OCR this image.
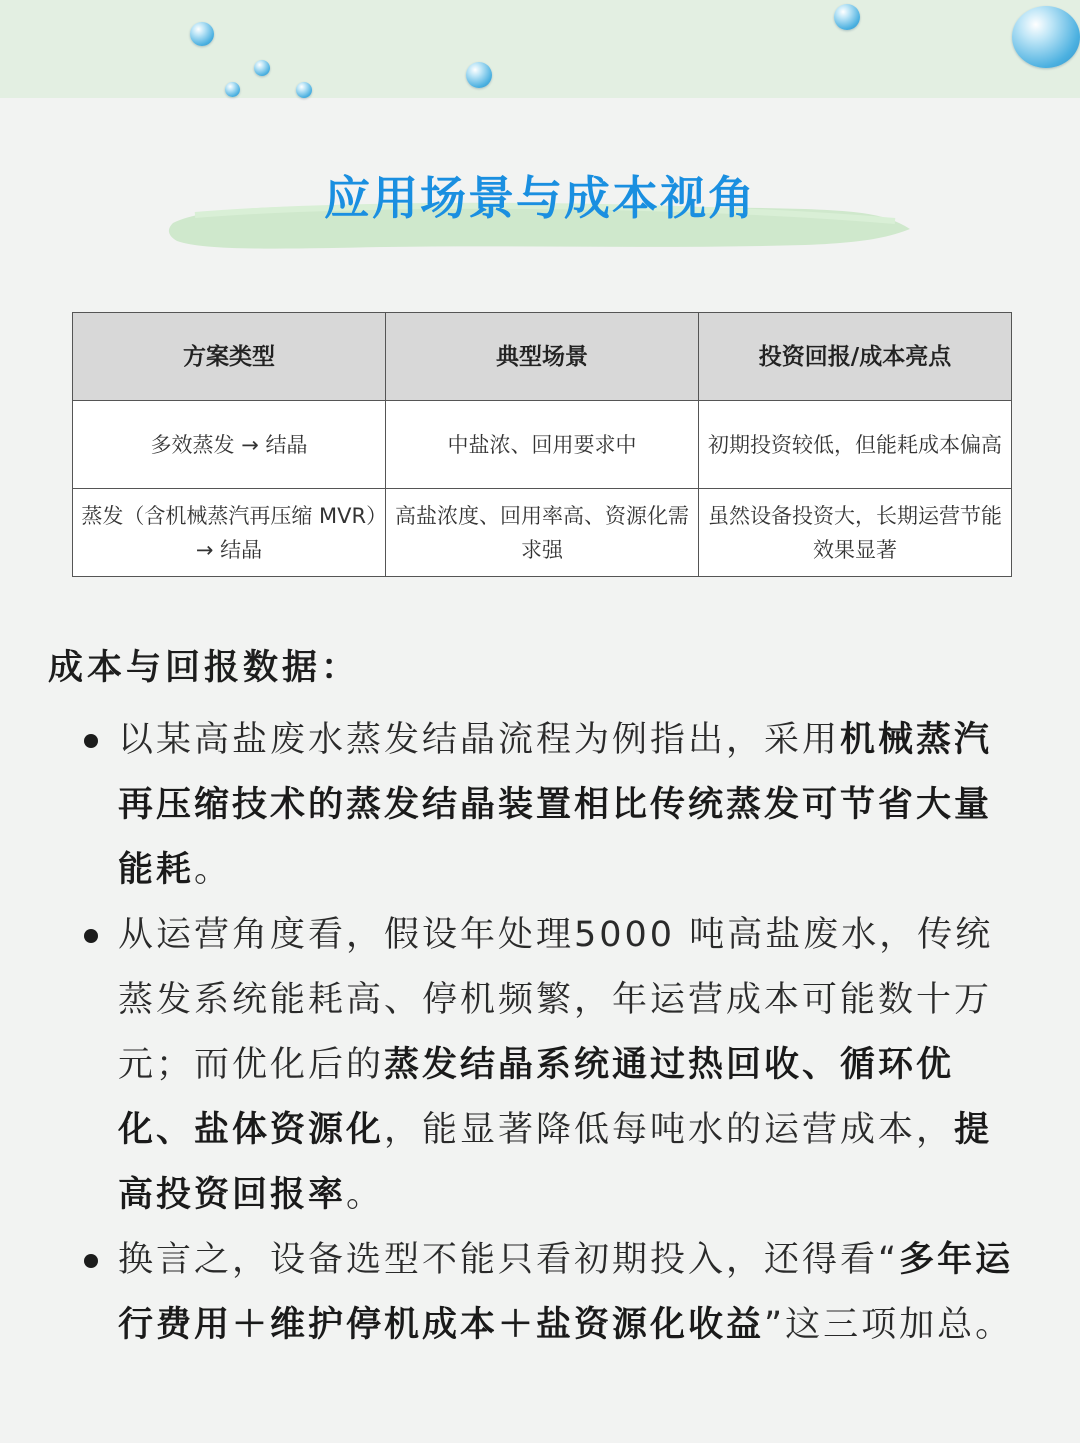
应用场景与成本视角
方案类型	典型场景	投资回报/成本亮点
多效蒸发 → 结晶	中盐浓、回用要求中	初期投资较低，但能耗成本偏高
蒸发（含机械蒸汽再压缩 MVR）→ 结晶	高盐浓度、回用率高、资源化需求强	虽然设备投资大，长期运营节能效果显著
成本与回报数据：
以某高盐废水蒸发结晶流程为例指出，采用机械蒸汽再压缩技术的蒸发结晶装置相比传统蒸发可节省大量能耗。
从运营角度看，假设年处理5000 吨高盐废水，传统蒸发系统能耗高、停机频繁，年运营成本可能数十万元；而优化后的蒸发结晶系统通过热回收、循环优化、盐体资源化，能显著降低每吨水的运营成本，提高投资回报率。
换言之，设备选型不能只看初期投入，还得看“多年运行费用＋维护停机成本＋盐资源化收益”这三项加总。
